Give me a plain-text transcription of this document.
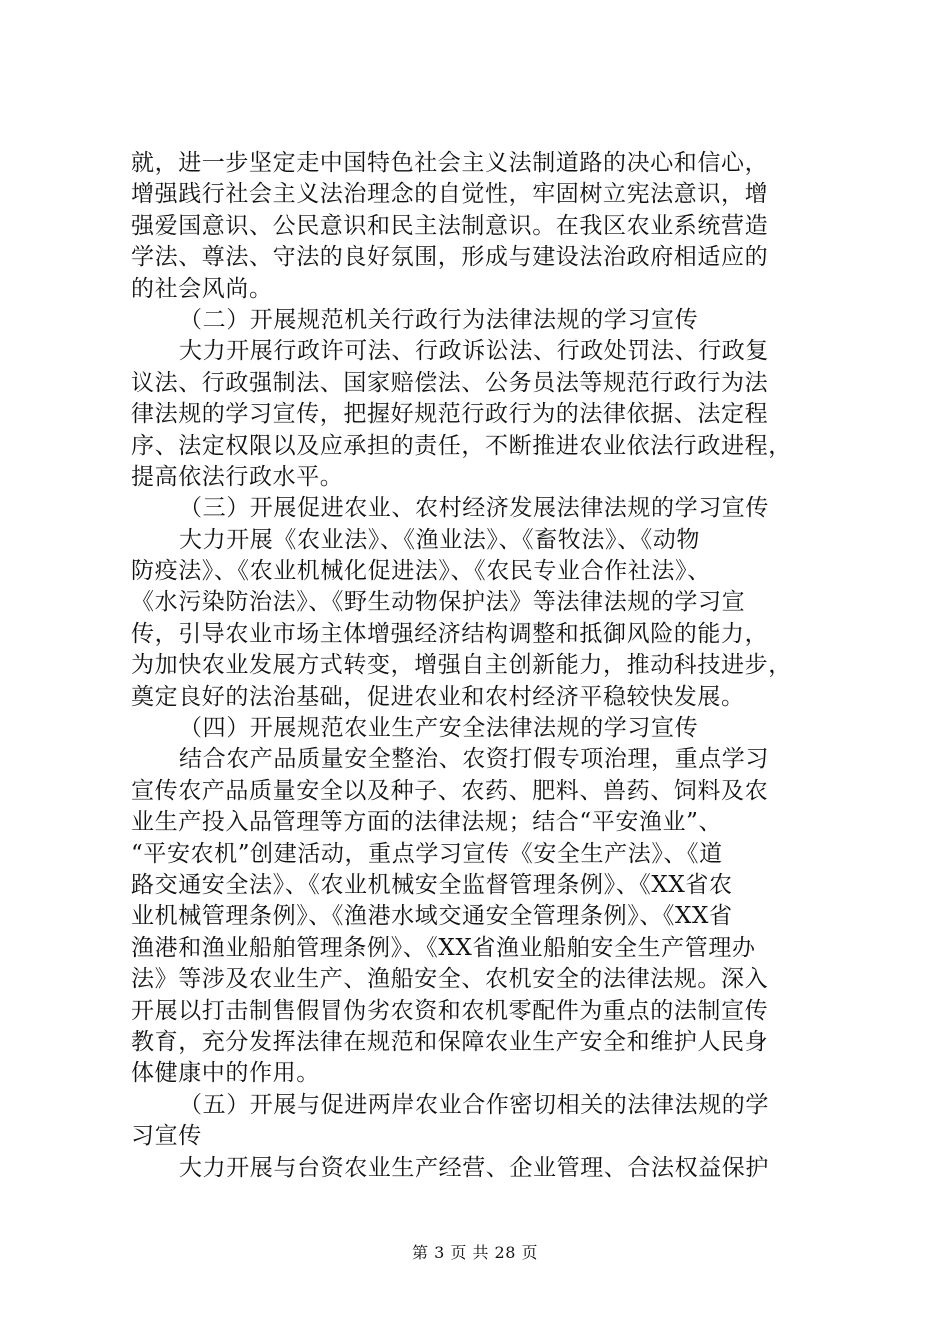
就，进一步坚定走中国特色社会主义法制道路的决心和信心，
增强践行社会主义法治理念的自觉性，牢固树立宪法意识，增
强爱国意识、公民意识和民主法制意识。在我区农业系统营造
学法、尊法、守法的良好氛围，形成与建设法治政府相适应的
的社会风尚。
（二）开展规范机关行政行为法律法规的学习宣传
大力开展行政许可法、行政诉讼法、行政处罚法、行政复
议法、行政强制法、国家赔偿法、公务员法等规范行政行为法
律法规的学习宣传，把握好规范行政行为的法律依据、法定程
序、法定权限以及应承担的责任，不断推进农业依法行政进程，
提高依法行政水平。
（三）开展促进农业、农村经济发展法律法规的学习宣传
大力开展《农业法》、《渔业法》、《畜牧法》、《动物
防疫法》、《农业机械化促进法》、《农民专业合作社法》、
《水污染防治法》、《野生动物保护法》等法律法规的学习宣
传，引导农业市场主体增强经济结构调整和抵御风险的能力，
为加快农业发展方式转变，增强自主创新能力，推动科技进步，
奠定良好的法治基础，促进农业和农村经济平稳较快发展。
（四）开展规范农业生产安全法律法规的学习宣传
结合农产品质量安全整治、农资打假专项治理，重点学习
宣传农产品质量安全以及种子、农药、肥料、兽药、饲料及农
业生产投入品管理等方面的法律法规；结合“平安渔业”、
“平安农机”创建活动，重点学习宣传《安全生产法》、《道
路交通安全法》、《农业机械安全监督管理条例》、《XX省农
业机械管理条例》、《渔港水域交通安全管理条例》、《XX省
渔港和渔业船舶管理条例》、《XX省渔业船舶安全生产管理办
法》等涉及农业生产、渔船安全、农机安全的法律法规。深入
开展以打击制售假冒伪劣农资和农机零配件为重点的法制宣传
教育，充分发挥法律在规范和保障农业生产安全和维护人民身
体健康中的作用。
（五）开展与促进两岸农业合作密切相关的法律法规的学
习宣传
大力开展与台资农业生产经营、企业管理、合法权益保护
第 3 页 共 28 页
